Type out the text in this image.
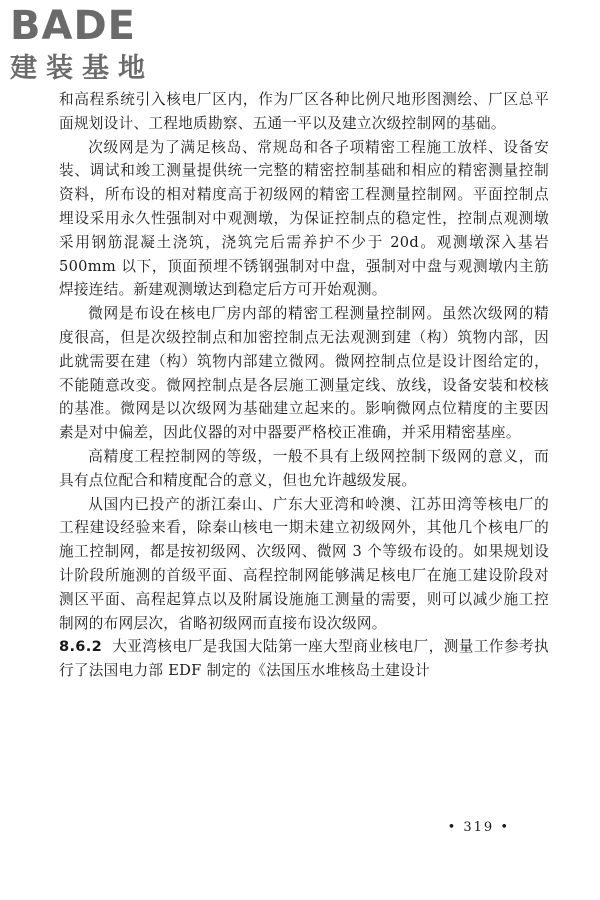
BADE
建装基地

和高程系统引入核电厂区内，作为厂区各种比例尺地形图测绘、厂区总平面规划设计、工程地质勘察、五通一平以及建立次级控制网的基础。

次级网是为了满足核岛、常规岛和各子项精密工程施工放样、设备安装、调试和竣工测量提供统一完整的精密控制基础和相应的精密测量控制资料，所布设的相对精度高于初级网的精密工程测量控制网。平面控制点埋设采用永久性强制对中观测墩，为保证控制点的稳定性，控制点观测墩采用钢筋混凝土浇筑，浇筑完后需养护不少于 20d。观测墩深入基岩 500mm 以下，顶面预埋不锈钢强制对中盘，强制对中盘与观测墩内主筋焊接连结。新建观测墩达到稳定后方可开始观测。

微网是布设在核电厂房内部的精密工程测量控制网。虽然次级网的精度很高，但是次级控制点和加密控制点无法观测到建（构）筑物内部，因此就需要在建（构）筑物内部建立微网。微网控制点位是设计图给定的，不能随意改变。微网控制点是各层施工测量定线、放线，设备安装和校核的基准。微网是以次级网为基础建立起来的。影响微网点位精度的主要因素是对中偏差，因此仪器的对中器要严格校正准确，并采用精密基座。

高精度工程控制网的等级，一般不具有上级网控制下级网的意义，而具有点位配合和精度配合的意义，但也允许越级发展。

从国内已投产的浙江秦山、广东大亚湾和岭澳、江苏田湾等核电厂的工程建设经验来看，除秦山核电一期未建立初级网外，其他几个核电厂的施工控制网，都是按初级网、次级网、微网 3 个等级布设的。如果规划设计阶段所施测的首级平面、高程控制网能够满足核电厂在施工建设阶段对测区平面、高程起算点以及附属设施施工测量的需要，则可以减少施工控制网的布网层次，省略初级网而直接布设次级网。

8.6.2 大亚湾核电厂是我国大陆第一座大型商业核电厂，测量工作参考执行了法国电力部 EDF 制定的《法国压水堆核岛土建设计

• 319 •
